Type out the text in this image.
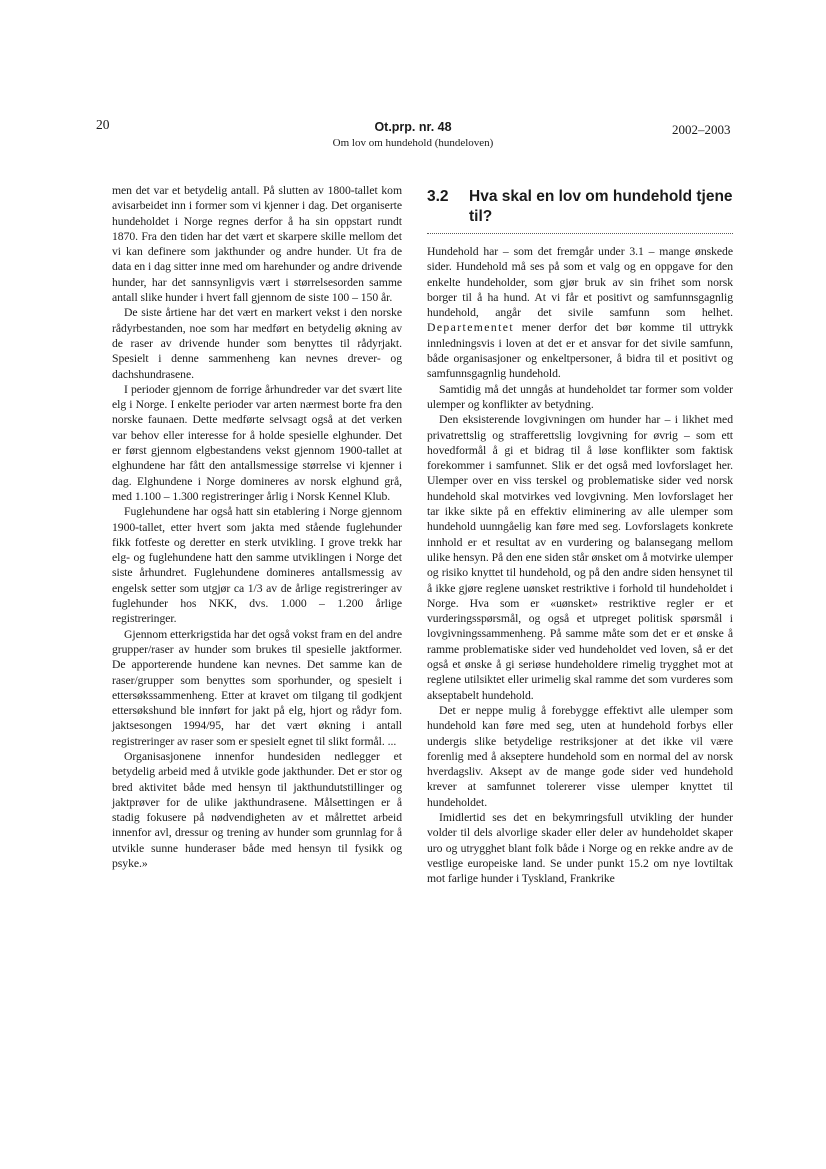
20	Ot.prp. nr. 48
Om lov om hundehold (hundeloven)
2002–2003

men det var et betydelig antall. På slutten av 1800-tallet kom avisarbeidet inn i former som vi kjenner i dag. Det organiserte hundeholdet i Norge regnes derfor å ha sin oppstart rundt 1870. Fra den tiden har det vært et skarpere skille mellom det vi kan definere som jakthunder og andre hunder. Ut fra de data en i dag sitter inne med om harehunder og andre drivende hunder, har det sannsynligvis vært i størrelsesorden samme antall slike hunder i hvert fall gjennom de siste 100 – 150 år.

De siste årtiene har det vært en markert vekst i den norske rådyrbestanden, noe som har medført en betydelig økning av de raser av drivende hunder som benyttes til rådyrjakt. Spesielt i denne sammenheng kan nevnes drever- og dachshundrasene.

I perioder gjennom de forrige århundreder var det svært lite elg i Norge. I enkelte perioder var arten nærmest borte fra den norske faunaen. Dette medførte selvsagt også at det verken var behov eller interesse for å holde spesielle elghunder. Det er først gjennom elgbestandens vekst gjennom 1900-tallet at elghundene har fått den antallsmessige størrelse vi kjenner i dag. Elghundene i Norge domineres av norsk elghund grå, med 1.100 – 1.300 registreringer årlig i Norsk Kennel Klub.

Fuglehundene har også hatt sin etablering i Norge gjennom 1900-tallet, etter hvert som jakta med stående fuglehunder fikk fotfeste og deretter en sterk utvikling. I grove trekk har elg- og fuglehundene hatt den samme utviklingen i Norge det siste århundret. Fuglehundene domineres antallsmessig av engelsk setter som utgjør ca 1/3 av de årlige registreringer av fuglehunder hos NKK, dvs. 1.000 – 1.200 årlige registreringer.

Gjennom etterkrigstida har det også vokst fram en del andre grupper/raser av hunder som brukes til spesielle jaktformer. De apporterende hundene kan nevnes. Det samme kan de raser/grupper som benyttes som sporhunder, og spesielt i ettersøkssammenheng. Etter at kravet om tilgang til godkjent ettersøkshund ble innført for jakt på elg, hjort og rådyr fom. jaktsesongen 1994/95, har det vært økning i antall registreringer av raser som er spesielt egnet til slikt formål. ...

Organisasjonene innenfor hundesiden nedlegger et betydelig arbeid med å utvikle gode jakthunder. Det er stor og bred aktivitet både med hensyn til jakthundutstillinger og jaktprøver for de ulike jakthundrasene. Målsettingen er å stadig fokusere på nødvendigheten av et målrettet arbeid innenfor avl, dressur og trening av hunder som grunnlag for å utvikle sunne hunderaser både med hensyn til fysikk og psyke.»

3.2	Hva skal en lov om hundehold tjene til?

Hundehold har – som det fremgår under 3.1 – mange ønskede sider. Hundehold må ses på som et valg og en oppgave for den enkelte hundeholder, som gjør bruk av sin frihet som norsk borger til å ha hund. At vi får et positivt og samfunnsgagnlig hundehold, angår det sivile samfunn som helhet. Departementet mener derfor det bør komme til uttrykk innledningsvis i loven at det er et ansvar for det sivile samfunn, både organisasjoner og enkeltpersoner, å bidra til et positivt og samfunnsgagnlig hundehold.

Samtidig må det unngås at hundeholdet tar former som volder ulemper og konflikter av betydning.

Den eksisterende lovgivningen om hunder har – i likhet med privatrettslig og strafferettslig lovgivning for øvrig – som ett hovedformål å gi et bidrag til å løse konflikter som faktisk forekommer i samfunnet. Slik er det også med lovforslaget her. Ulemper over en viss terskel og problematiske sider ved norsk hundehold skal motvirkes ved lovgivning. Men lovforslaget her tar ikke sikte på en effektiv eliminering av alle ulemper som hundehold uunngåelig kan føre med seg. Lovforslagets konkrete innhold er et resultat av en vurdering og balansegang mellom ulike hensyn. På den ene siden står ønsket om å motvirke ulemper og risiko knyttet til hundehold, og på den andre siden hensynet til å ikke gjøre reglene uønsket restriktive i forhold til hundeholdet i Norge. Hva som er «uønsket» restriktive regler er et vurderingsspørsmål, og også et utpreget politisk spørsmål i lovgivningssammenheng. På samme måte som det er et ønske å ramme problematiske sider ved hundeholdet ved loven, så er det også et ønske å gi seriøse hundeholdere rimelig trygghet mot at reglene utilsiktet eller urimelig skal ramme det som vurderes som akseptabelt hundehold.

Det er neppe mulig å forebygge effektivt alle ulemper som hundehold kan føre med seg, uten at hundehold forbys eller undergis slike betydelige restriksjoner at det ikke vil være forenlig med å akseptere hundehold som en normal del av norsk hverdagsliv. Aksept av de mange gode sider ved hundehold krever at samfunnet tolererer visse ulemper knyttet til hundeholdet.

Imidlertid ses det en bekymringsfull utvikling der hunder volder til dels alvorlige skader eller deler av hundeholdet skaper uro og utrygghet blant folk både i Norge og en rekke andre av de vestlige europeiske land. Se under punkt 15.2 om nye lovtiltak mot farlige hunder i Tyskland, Frankrike
